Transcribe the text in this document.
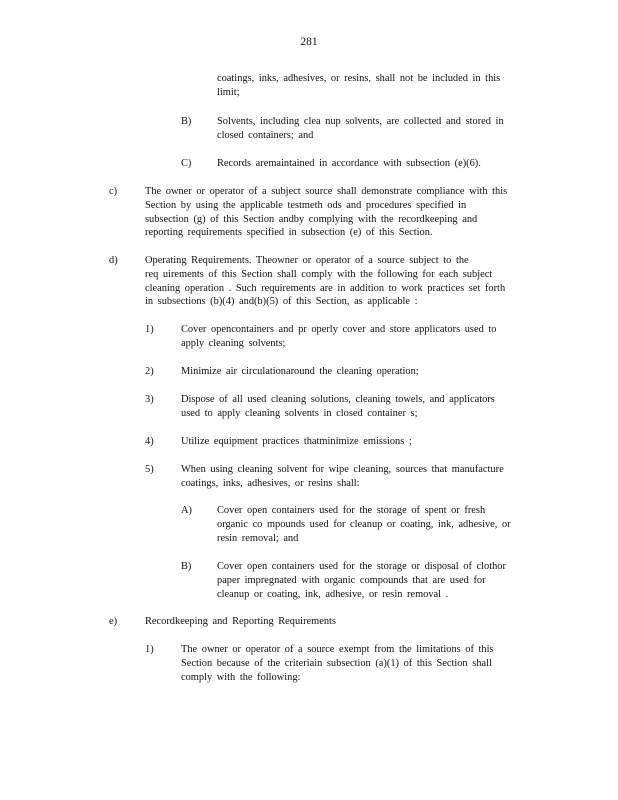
281
coatings, inks, adhesives, or resins, shall not be included in this
limit;
B) Solvents, including clea nup solvents, are collected and stored in
closed containers; and
C) Records aremaintained in accordance with subsection (e)(6).
c)	The owner or operator of a subject source shall demonstrate compliance with this
Section by using the applicable testmeth ods and procedures specified in
subsection (g) of this Section andby complying with the recordkeeping and
reporting requirements specified in subsection (e) of this Section.
d)	Operating Requirements. Theowner or operator of a source subject to the
req uirements of this Section shall comply with the following for each subject
cleaning operation . Such requirements are in addition to work practices set forth
in subsections (b)(4) and(b)(5) of this Section, as applicable :
1)	Cover opencontainers and pr operly cover and store applicators used to
apply cleaning solvents;
2)	Minimize air circulationaround the cleaning operation;
3)	Dispose of all used cleaning solutions, cleaning towels, and applicators
used to apply cleaning solvents in closed container s;
4)	Utilize equipment practices thatminimize emissions ;
5)	When using cleaning solvent for wipe cleaning, sources that manufacture
coatings, inks, adhesives, or resins shall:
A) Cover open containers used for the storage of spent or fresh
organic co mpounds used for cleanup or coating, ink, adhesive, or
resin removal; and
B) Cover open containers used for the storage or disposal of clothor
paper impregnated with organic compounds that are used for
cleanup or coating, ink, adhesive, or resin removal .
e)	Recordkeeping and Reporting Requirements
1)	The owner or operator of a source exempt from the limitations of this
Section because of the criteriain subsection (a)(1) of this Section shall
comply with the following:
